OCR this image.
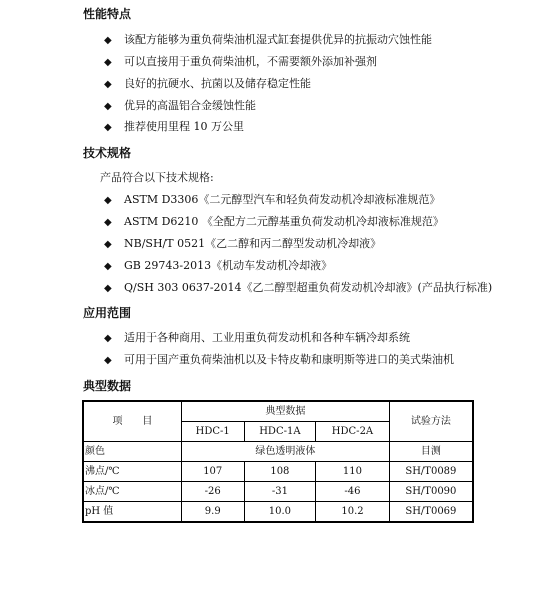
性能特点
◆ 该配方能够为重负荷柴油机湿式缸套提供优异的抗振动穴蚀性能
◆ 可以直接用于重负荷柴油机，不需要额外添加补强剂
◆ 良好的抗硬水、抗菌以及储存稳定性能
◆ 优异的高温铝合金缓蚀性能
◆ 推荐使用里程 10 万公里
技术规格
产品符合以下技术规格:
◆ ASTM D3306《二元醇型汽车和轻负荷发动机冷却液标准规范》
◆ ASTM D6210 《全配方二元醇基重负荷发动机冷却液标准规范》
◆ NB/SH/T 0521《乙二醇和丙二醇型发动机冷却液》
◆ GB 29743-2013《机动车发动机冷却液》
◆ Q/SH 303 0637-2014《乙二醇型超重负荷发动机冷却液》(产品执行标准)
应用范围
◆ 适用于各种商用、工业用重负荷发动机和各种车辆冷却系统
◆ 可用于国产重负荷柴油机以及卡特皮勒和康明斯等进口的美式柴油机
典型数据
项　　目	典型数据			试验方法
	HDC-1	HDC-1A	HDC-2A	
颜色	绿色透明液体			目测
沸点/℃	107	108	110	SH/T0089
冰点/℃	-26	-31	-46	SH/T0090
pH 值	9.9	10.0	10.2	SH/T0069
